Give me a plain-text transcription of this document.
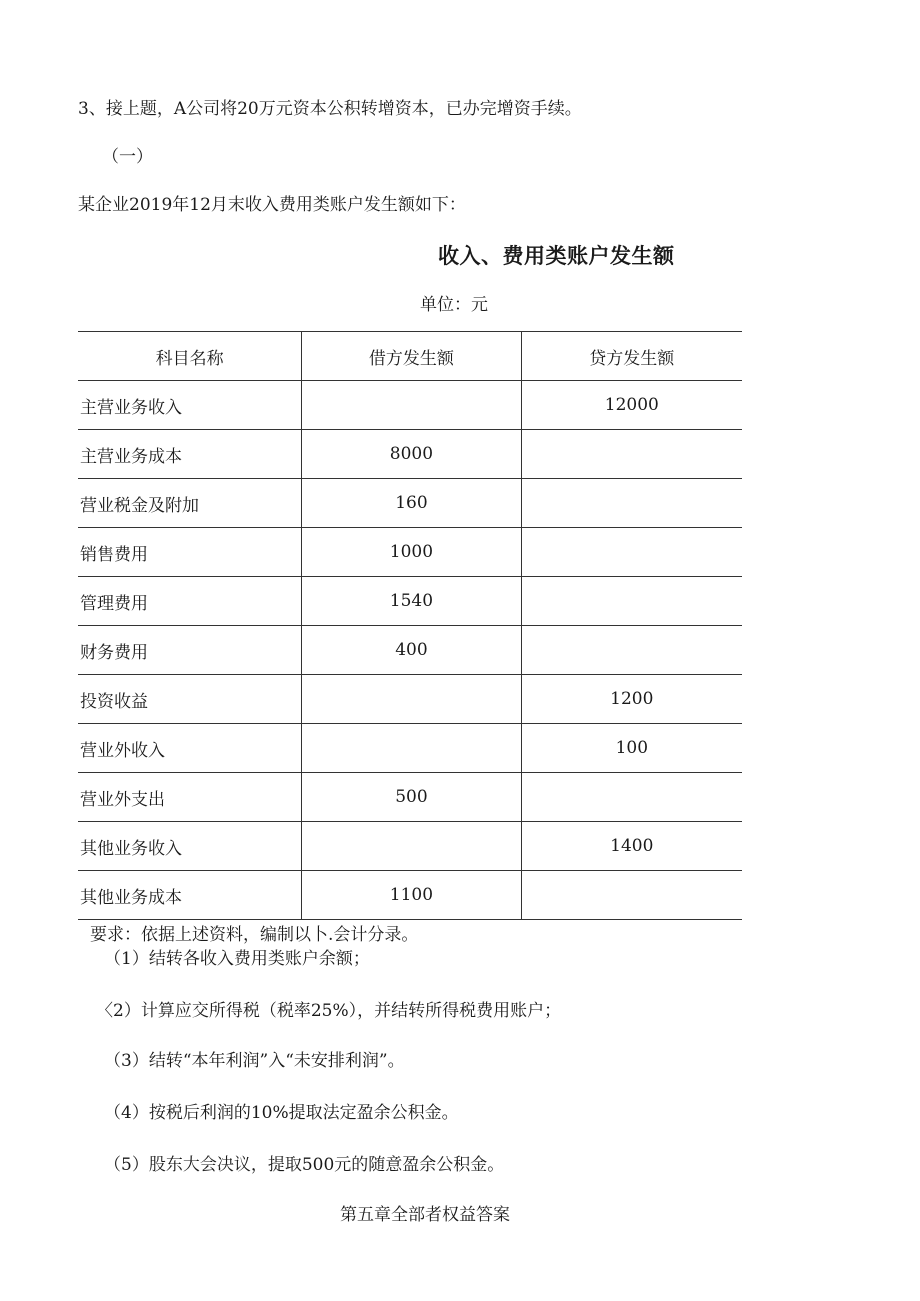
3、接上题，A公司将20万元资本公积转增资本，已办完增资手续。
（一）
某企业2019年12月末收入费用类账户发生额如下：
收入、费用类账户发生额
单位：元
科目名称	借方发生额	贷方发生额
主营业务收入		12000
主营业务成本	8000	
营业税金及附加	160	
销售费用	1000	
管理费用	1540	
财务费用	400	
投资收益		1200
营业外收入		100
营业外支出	500	
其他业务收入		1400
其他业务成本	1100	
要求：依据上述资料，编制以卜.会计分录。
（1）结转各收入费用类账户余额；
〈2）计算应交所得税（税率25%），并结转所得税费用账户；
（3）结转“本年利润”入“未安排利润”。
（4）按税后利润的10%提取法定盈余公积金。
（5）股东大会决议，提取500元的随意盈余公积金。
第五章全部者权益答案
